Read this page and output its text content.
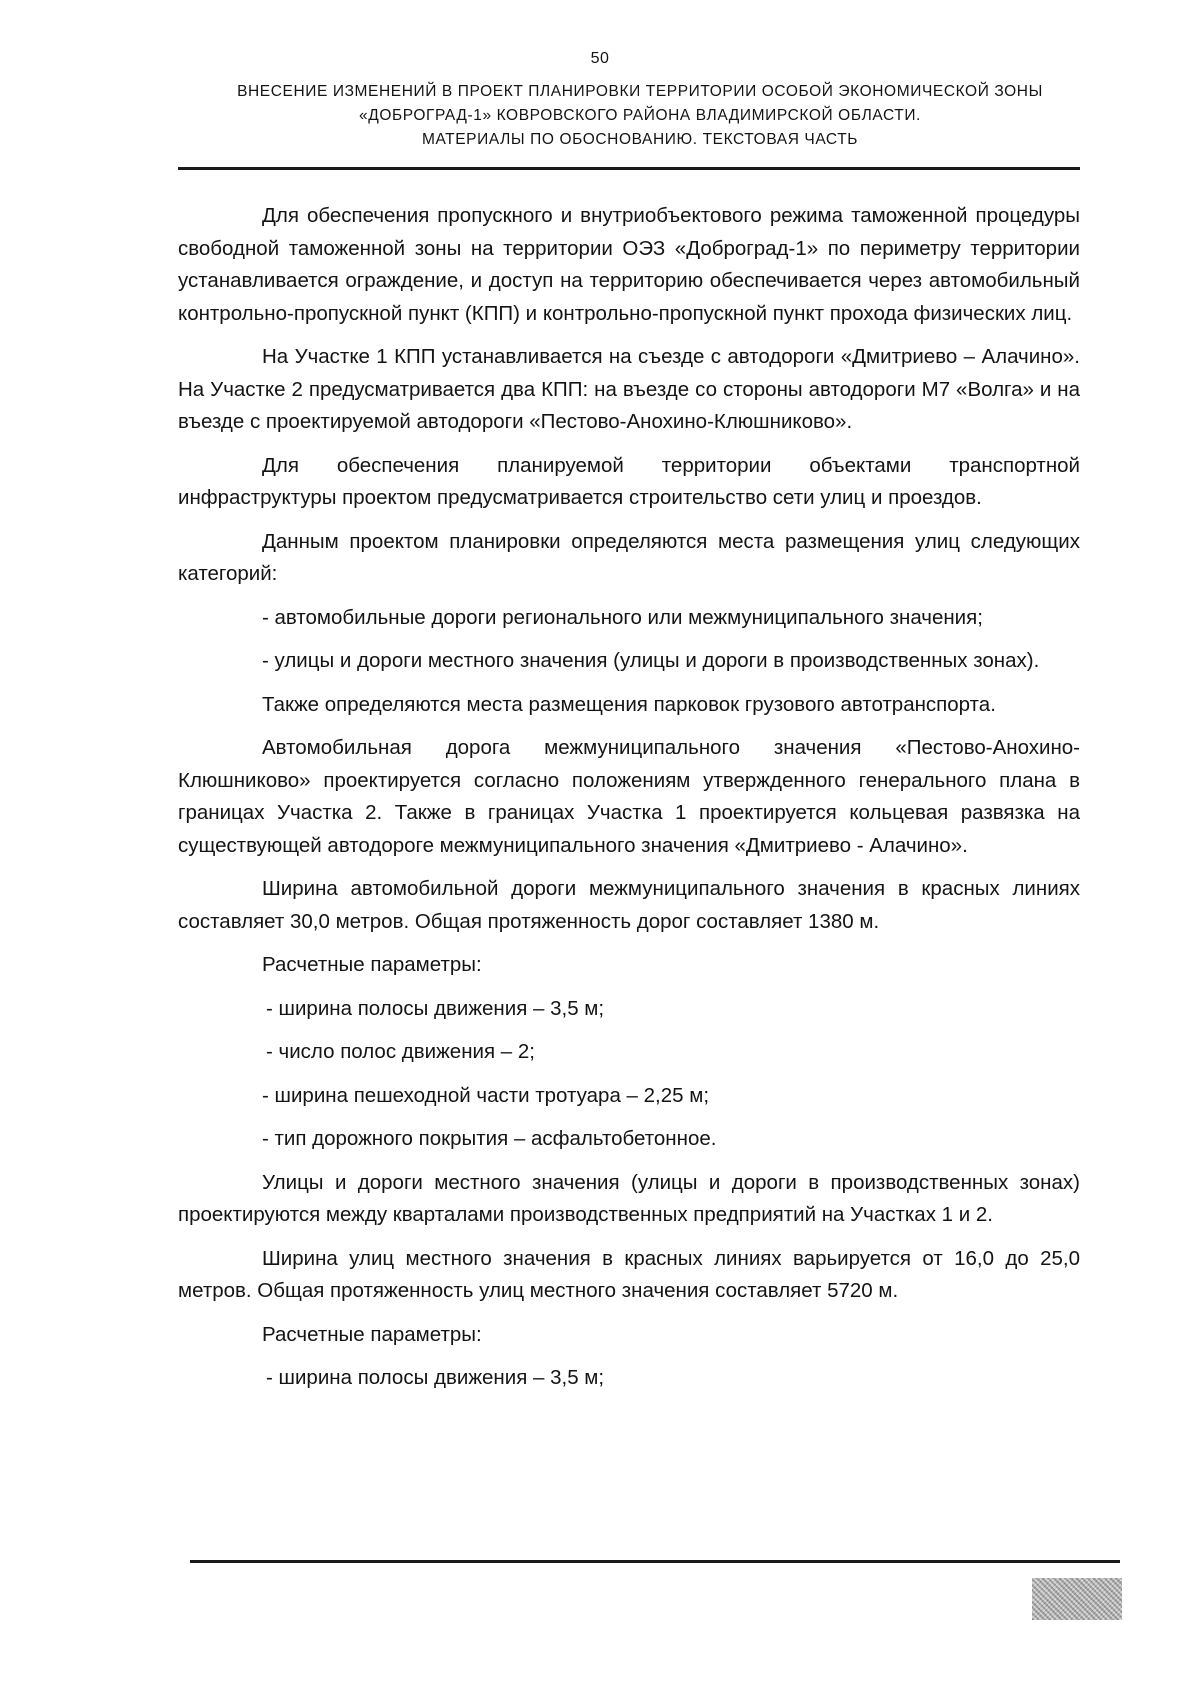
50
ВНЕСЕНИЕ ИЗМЕНЕНИЙ В ПРОЕКТ ПЛАНИРОВКИ ТЕРРИТОРИИ ОСОБОЙ ЭКОНОМИЧЕСКОЙ ЗОНЫ
«ДОБРОГРАД-1» КОВРОВСКОГО РАЙОНА ВЛАДИМИРСКОЙ ОБЛАСТИ.
МАТЕРИАЛЫ ПО ОБОСНОВАНИЮ. ТЕКСТОВАЯ ЧАСТЬ

Для обеспечения пропускного и внутриобъектового режима таможенной процедуры свободной таможенной зоны на территории ОЭЗ «Доброград-1» по периметру территории устанавливается ограждение, и доступ на территорию обеспечивается через автомобильный контрольно-пропускной пункт (КПП) и контрольно-пропускной пункт прохода физических лиц.

На Участке 1 КПП устанавливается на съезде с автодороги «Дмитриево – Алачино». На Участке 2 предусматривается два КПП: на въезде со стороны автодороги М7 «Волга» и на въезде с проектируемой автодороги «Пестово-Анохино-Клюшниково».

Для обеспечения планируемой территории объектами транспортной инфраструктуры проектом предусматривается строительство сети улиц и проездов.

Данным проектом планировки определяются места размещения улиц следующих категорий:

- автомобильные дороги регионального или межмуниципального значения;

- улицы и дороги местного значения (улицы и дороги в производственных зонах).

Также определяются места размещения парковок грузового автотранспорта.

Автомобильная дорога межмуниципального значения «Пестово-Анохино-Клюшниково» проектируется согласно положениям утвержденного генерального плана в границах Участка 2. Также в границах Участка 1 проектируется кольцевая развязка на существующей автодороге межмуниципального значения «Дмитриево - Алачино».

Ширина автомобильной дороги межмуниципального значения в красных линиях составляет 30,0 метров. Общая протяженность дорог составляет 1380 м.

Расчетные параметры:

- ширина полосы движения – 3,5 м;

- число полос движения – 2;

- ширина пешеходной части тротуара – 2,25 м;

- тип дорожного покрытия – асфальтобетонное.

Улицы и дороги местного значения (улицы и дороги в производственных зонах) проектируются между кварталами производственных предприятий на Участках 1 и 2.

Ширина улиц местного значения в красных линиях варьируется от 16,0 до 25,0 метров. Общая протяженность улиц местного значения составляет 5720 м.

Расчетные параметры:

- ширина полосы движения – 3,5 м;
